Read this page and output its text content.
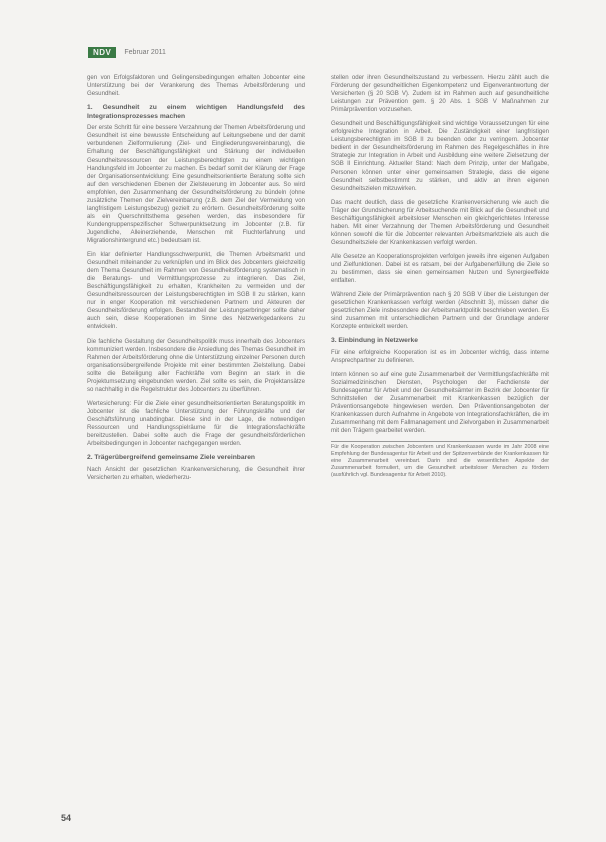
NDV	Februar 2011

gen von Erfolgsfaktoren und Gelingensbedingungen erhalten Jobcenter eine Unterstützung bei der Verankerung des Themas Arbeitsförderung und Gesundheit.

1. Gesundheit zu einem wichtigen Handlungsfeld des Integrationsprozesses machen

Der erste Schritt für eine bessere Verzahnung der Themen Arbeitsförderung und Gesundheit ist eine bewusste Entscheidung auf Leitungsebene und der damit verbundenen Zielformulierung (Ziel- und Eingliederungsvereinbarung), die Erhaltung der Beschäftigungsfähigkeit und Stärkung der individuellen Gesundheitsressourcen der Leistungsberechtigten zu einem wichtigen Handlungsfeld im Jobcenter zu machen. Es bedarf somit der Klärung der Frage der Organisationsentwicklung: Eine gesundheitsorientierte Beratung sollte sich auf den verschiedenen Ebenen der Zielsteuerung im Jobcenter aus. So wird empfohlen, den Zusammenhang der Gesundheitsförderung zu bündeln (ohne zusätzliche Themen der Zielvereinbarung (z.B. dem Ziel der Vermeidung von langfristigem Leistungsbezug) gezielt zu erörtern. Gesundheitsförderung sollte als ein Querschnittsthema gesehen werden, das insbesondere für Kundengruppenspezifischer Schwerpunktsetzung im Jobcenter (z.B. für Jugendliche, Alleinerziehende, Menschen mit Fluchterfahrung und Migrationshintergrund etc.) bedeutsam ist.

Ein klar definierter Handlungsschwerpunkt, die Themen Arbeitsmarkt und Gesundheit miteinander zu verknüpfen und im Blick des Jobcenters gleichzeitig dem Thema Gesundheit im Rahmen von Gesundheitsförderung systematisch in die Beratungs- und Vermittlungsprozesse zu integrieren. Das Ziel, Beschäftigungsfähigkeit zu erhalten, Krankheiten zu vermeiden und der Gesundheitsressourcen der Leistungsberechtigten im SGB II zu stärken, kann nur in enger Kooperation mit verschiedenen Partnern und Akteuren der Gesundheitsförderung erfolgen. Bestandteil der Leistungserbringer sollte daher auch sein, diese Kooperationen im Sinne des Netzwerkgedankens zu entwickeln.

Die fachliche Gestaltung der Gesundheitspolitik muss innerhalb des Jobcenters kommuniziert werden. Insbesondere die Ansiedlung des Themas Gesundheit im Rahmen der Arbeitsförderung ohne die Unterstützung einzelner Personen durch organisationsübergreifende Projekte mit einer bestimmten Zielstellung. Dabei sollte die Beteiligung aller Fachkräfte vom Beginn an stark in die Projektumsetzung eingebunden werden. Ziel sollte es sein, die Projektansätze so nachhaltig in die Regelstruktur des Jobcenters zu überführen.

Wertesicherung: Für die Ziele einer gesundheitsorientierten Beratungspolitik im Jobcenter ist die fachliche Unterstützung der Führungskräfte und der Geschäftsführung unabdingbar. Diese sind in der Lage, die notwendigen Ressourcen und Handlungsspielräume für die Integrationsfachkräfte bereitzustellen. Dabei sollte auch die Frage der gesundheitsförderlichen Arbeitsbedingungen in Jobcenter nachgegangen werden.

2. Trägerübergreifend gemeinsame Ziele vereinbaren

Nach Ansicht der gesetzlichen Krankenversicherung, die Gesundheit ihrer Versicherten zu erhalten, wiederherzu-

stellen oder ihren Gesundheitszustand zu verbessern. Hierzu zählt auch die Förderung der gesundheitlichen Eigenkompetenz und Eigenverantwortung der Versicherten (§ 20 SGB V). Zudem ist im Rahmen auch auf gesundheitliche Leistungen zur Prävention gem. § 20 Abs. 1 SGB V Maßnahmen zur Primärprävention vorzusehen.

Gesundheit und Beschäftigungsfähigkeit sind wichtige Voraussetzungen für eine erfolgreiche Integration in Arbeit. Die Zuständigkeit einer langfristigen Leistungsberechtigten im SGB II zu beenden oder zu verringern. Jobcenter bedient in der Gesundheitsförderung im Rahmen des Regelgeschäftes in ihre Strategie zur Integration in Arbeit und Ausbildung eine weitere Zielsetzung der SGB II Einrichtung. Aktueller Stand: Nach dem Prinzip, unter der Maßgabe, Personen können unter einer gemeinsamen Strategie, dass die eigene Gesundheit selbstbestimmt zu stärken, und aktiv an ihren eigenen Gesundheitszielen mitzuwirken.

Das macht deutlich, dass die gesetzliche Krankenversicherung wie auch die Träger der Grundsicherung für Arbeitsuchende mit Blick auf die Gesundheit und Beschäftigungsfähigkeit arbeitsloser Menschen ein gleichgerichtetes Interesse haben. Mit einer Verzahnung der Themen Arbeitsförderung und Gesundheit können sowohl die für die Jobcenter relevanten Arbeitsmarktziele als auch die Gesundheitsziele der Krankenkassen verfolgt werden.

Alle Gesetze an Kooperationsprojekten verfolgen jeweils ihre eigenen Aufgaben und Zielfunktionen. Dabei ist es ratsam, bei der Aufgabenerfüllung die Ziele so zu bestimmen, dass sie einen gemeinsamen Nutzen und Synergieeffekte entfalten.

Während Ziele der Primärprävention nach § 20 SGB V über die Leistungen der gesetzlichen Krankenkassen verfolgt werden (Abschnitt 3), müssen daher die gesetzlichen Ziele insbesondere der Arbeitsmarktpolitik beschrieben werden. Es sind zusammen mit unterschiedlichen Partnern und der Grundlage anderer Konzepte entwickelt werden.

3. Einbindung in Netzwerke

Für eine erfolgreiche Kooperation ist es im Jobcenter wichtig, dass interne Ansprechpartner zu definieren.

Intern können so auf eine gute Zusammenarbeit der Vermittlungsfachkräfte mit Sozialmedizinischen Diensten, Psychologen der Fachdienste der Bundesagentur für Arbeit und der Gesundheitsämter im Bezirk der Jobcenter für Schnittstellen der Zusammenarbeit mit Krankenkassen bezüglich der Präventionsangebote hingewiesen werden. Den Präventionsangeboten der Krankenkassen durch Aufnahme in Angebote von Integrationsfachkräften, die im Zusammenhang mit dem Fallmanagement und Zielvorgaben in Zusammenarbeit mit den Trägern gearbeitet werden.

Für die Kooperation zwischen Jobcentern und Krankenkassen wurde im Jahr 2008 eine Empfehlung der Bundesagentur für Arbeit und der Spitzenverbände der Krankenkassen für eine Zusammenarbeit vereinbart. Darin sind die wesentlichen Aspekte der Zusammenarbeit formuliert, um die Gesundheit arbeitsloser Menschen zu fördern (ausführlich vgl. Bundesagentur für Arbeit 2010).
54
